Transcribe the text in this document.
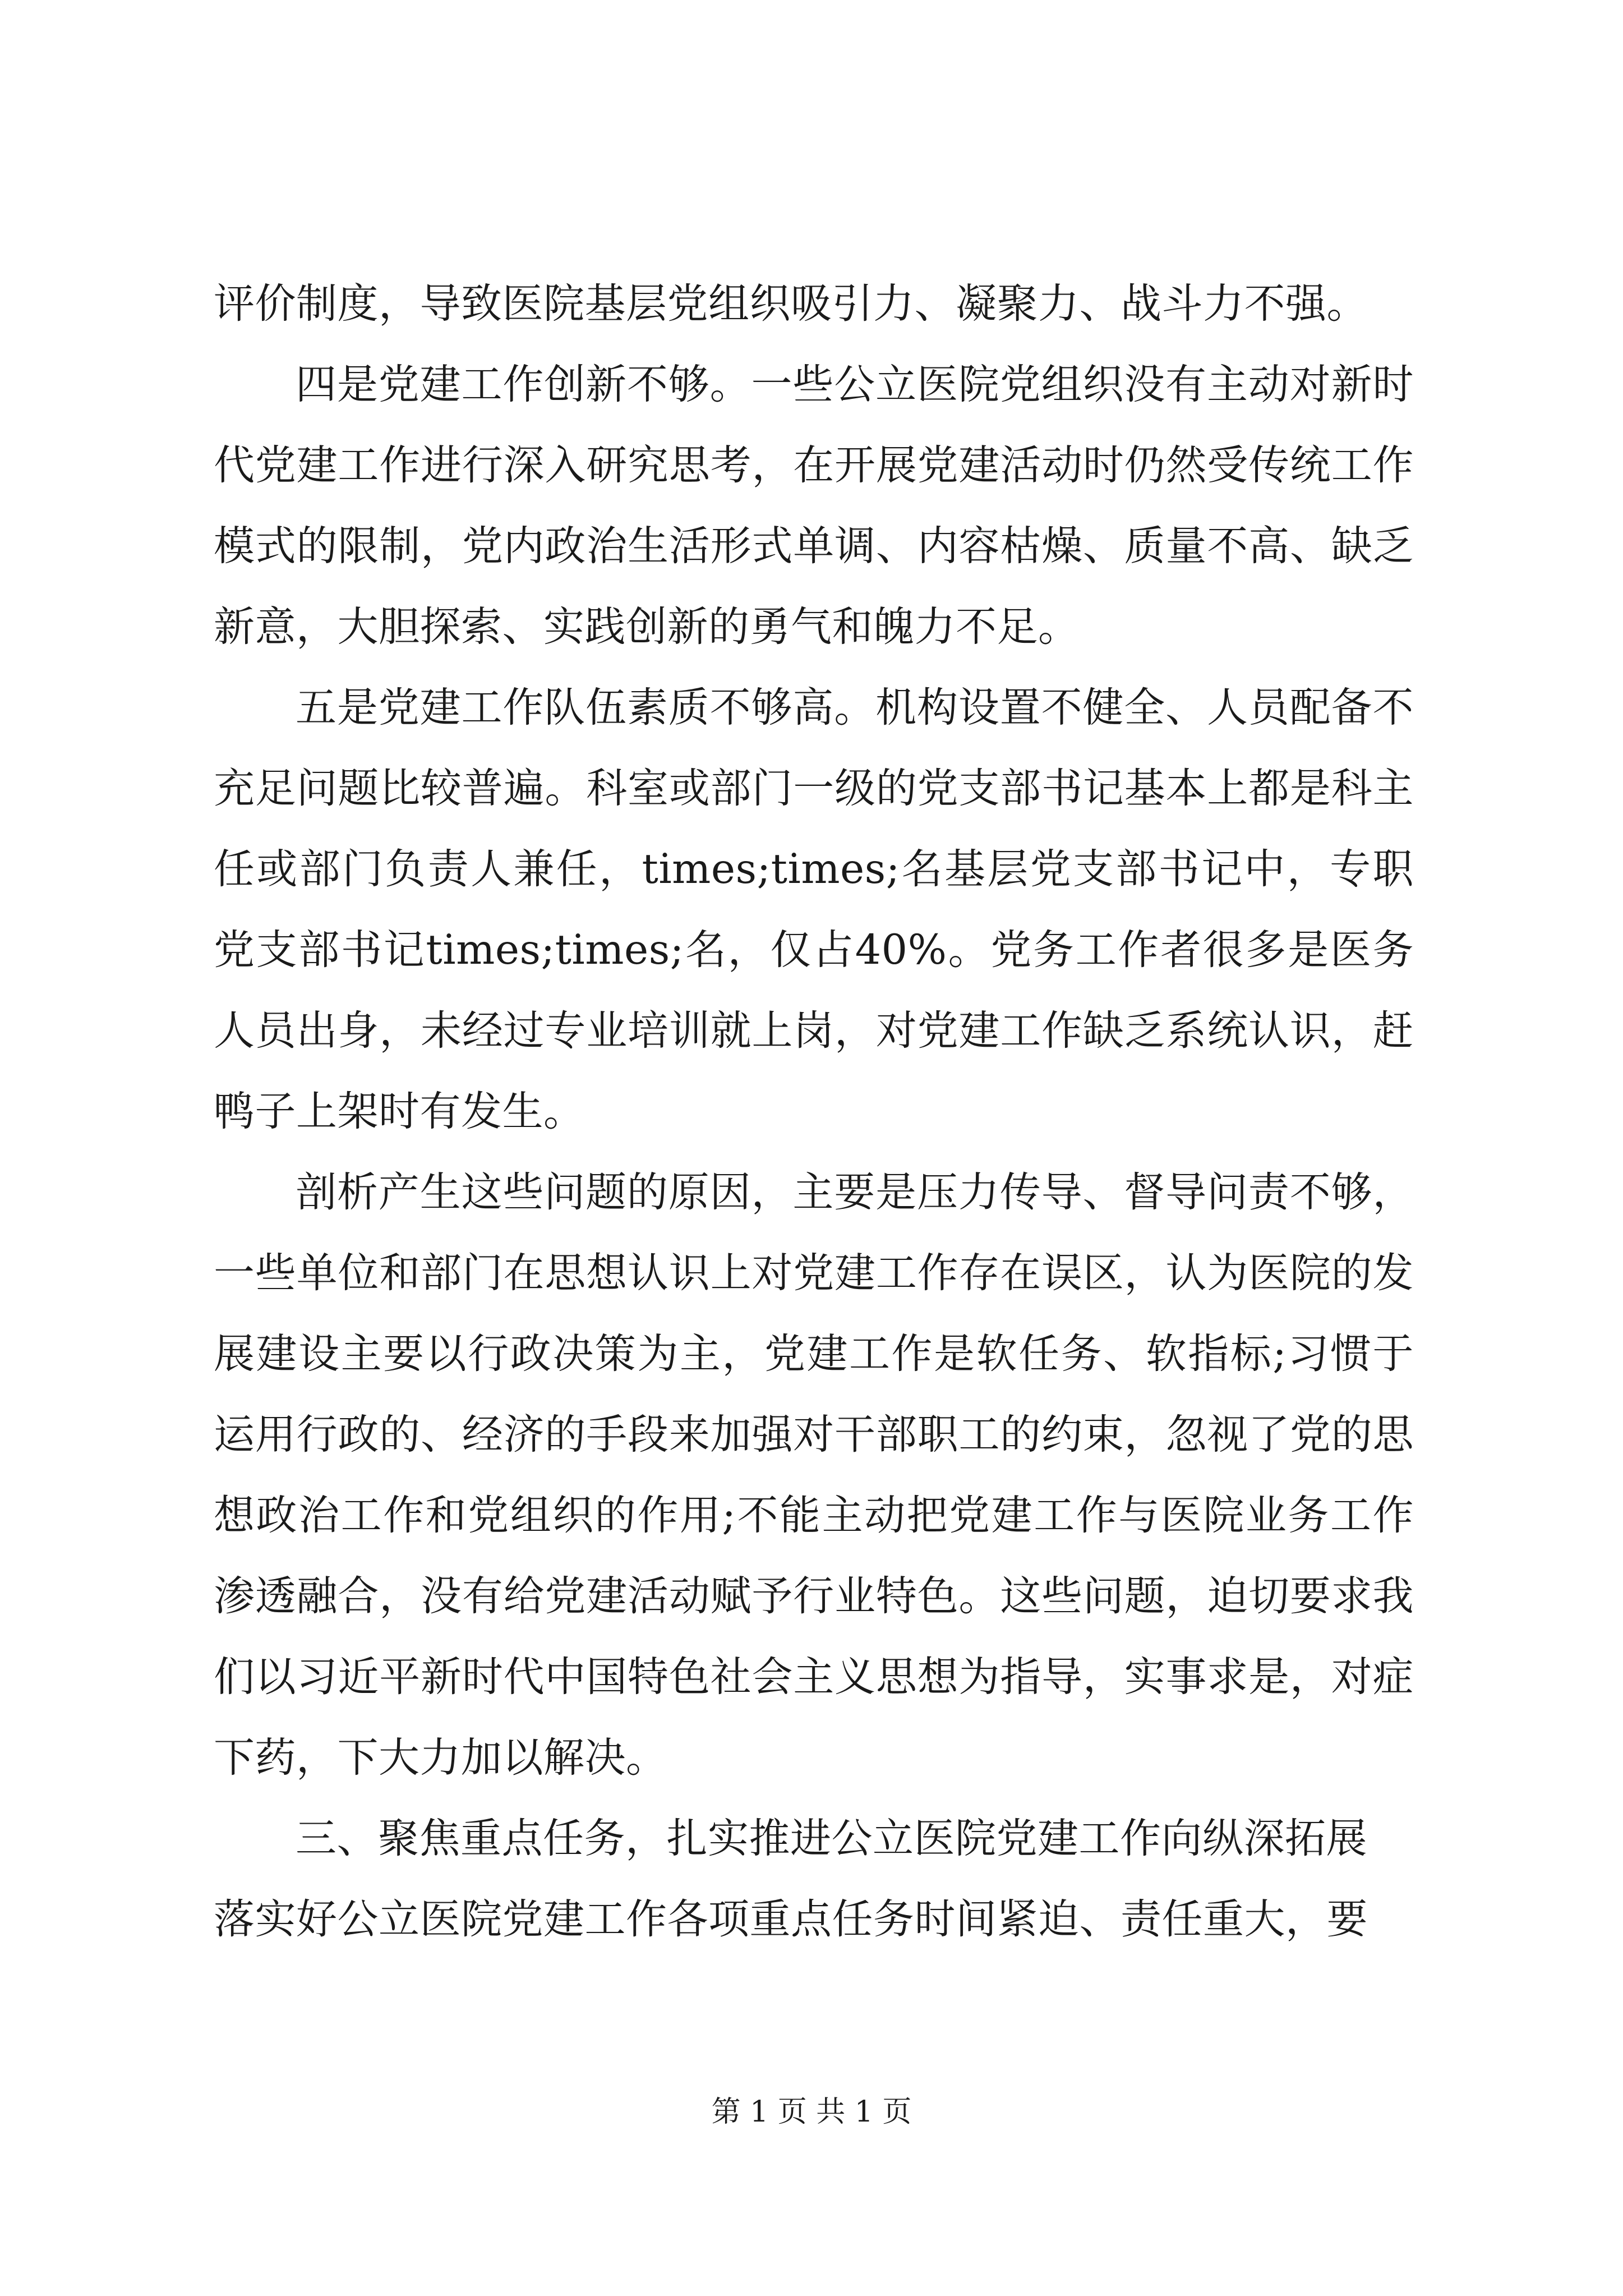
评价制度，导致医院基层党组织吸引力、凝聚力、战斗力不强。

四是党建工作创新不够。一些公立医院党组织没有主动对新时代党建工作进行深入研究思考，在开展党建活动时仍然受传统工作模式的限制，党内政治生活形式单调、内容枯燥、质量不高、缺乏新意，大胆探索、实践创新的勇气和魄力不足。

五是党建工作队伍素质不够高。机构设置不健全、人员配备不充足问题比较普遍。科室或部门一级的党支部书记基本上都是科主任或部门负责人兼任，times;times;名基层党支部书记中，专职党支部书记times;times;名，仅占40%。党务工作者很多是医务人员出身，未经过专业培训就上岗，对党建工作缺乏系统认识，赶鸭子上架时有发生。

剖析产生这些问题的原因，主要是压力传导、督导问责不够，一些单位和部门在思想认识上对党建工作存在误区，认为医院的发展建设主要以行政决策为主，党建工作是软任务、软指标;习惯于运用行政的、经济的手段来加强对干部职工的约束，忽视了党的思想政治工作和党组织的作用;不能主动把党建工作与医院业务工作渗透融合，没有给党建活动赋予行业特色。这些问题，迫切要求我们以习近平新时代中国特色社会主义思想为指导，实事求是，对症下药，下大力加以解决。

三、聚焦重点任务，扎实推进公立医院党建工作向纵深拓展

落实好公立医院党建工作各项重点任务时间紧迫、责任重大，要

第 1 页 共 1 页
